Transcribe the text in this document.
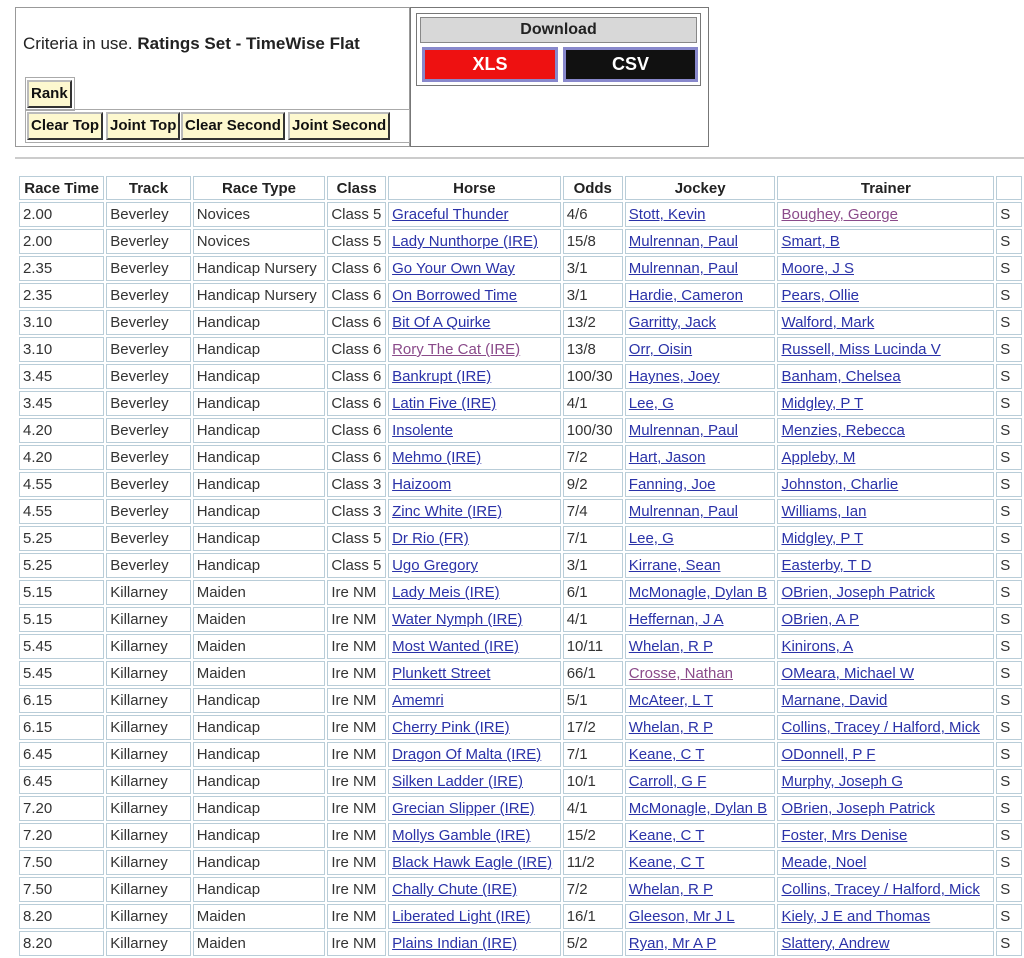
Criteria in use. Ratings Set - TimeWise Flat
Rank
Clear Top Joint Top Clear Second Joint Second
Download
XLS	CSV
Race Time	Track	Race Type	Class	Horse	Odds	Jockey	Trainer	
2.00	Beverley	Novices	Class 5	Graceful Thunder	4/6	Stott, Kevin	Boughey, George	S
2.00	Beverley	Novices	Class 5	Lady Nunthorpe (IRE)	15/8	Mulrennan, Paul	Smart, B	S
2.35	Beverley	Handicap Nursery	Class 6	Go Your Own Way	3/1	Mulrennan, Paul	Moore, J S	S
2.35	Beverley	Handicap Nursery	Class 6	On Borrowed Time	3/1	Hardie, Cameron	Pears, Ollie	S
3.10	Beverley	Handicap	Class 6	Bit Of A Quirke	13/2	Garritty, Jack	Walford, Mark	S
3.10	Beverley	Handicap	Class 6	Rory The Cat (IRE)	13/8	Orr, Oisin	Russell, Miss Lucinda V	S
3.45	Beverley	Handicap	Class 6	Bankrupt (IRE)	100/30	Haynes, Joey	Banham, Chelsea	S
3.45	Beverley	Handicap	Class 6	Latin Five (IRE)	4/1	Lee, G	Midgley, P T	S
4.20	Beverley	Handicap	Class 6	Insolente	100/30	Mulrennan, Paul	Menzies, Rebecca	S
4.20	Beverley	Handicap	Class 6	Mehmo (IRE)	7/2	Hart, Jason	Appleby, M	S
4.55	Beverley	Handicap	Class 3	Haizoom	9/2	Fanning, Joe	Johnston, Charlie	S
4.55	Beverley	Handicap	Class 3	Zinc White (IRE)	7/4	Mulrennan, Paul	Williams, Ian	S
5.25	Beverley	Handicap	Class 5	Dr Rio (FR)	7/1	Lee, G	Midgley, P T	S
5.25	Beverley	Handicap	Class 5	Ugo Gregory	3/1	Kirrane, Sean	Easterby, T D	S
5.15	Killarney	Maiden	Ire NM	Lady Meis (IRE)	6/1	McMonagle, Dylan B	OBrien, Joseph Patrick	S
5.15	Killarney	Maiden	Ire NM	Water Nymph (IRE)	4/1	Heffernan, J A	OBrien, A P	S
5.45	Killarney	Maiden	Ire NM	Most Wanted (IRE)	10/11	Whelan, R P	Kinirons, A	S
5.45	Killarney	Maiden	Ire NM	Plunkett Street	66/1	Crosse, Nathan	OMeara, Michael W	S
6.15	Killarney	Handicap	Ire NM	Amemri	5/1	McAteer, L T	Marnane, David	S
6.15	Killarney	Handicap	Ire NM	Cherry Pink (IRE)	17/2	Whelan, R P	Collins, Tracey / Halford, Mick	S
6.45	Killarney	Handicap	Ire NM	Dragon Of Malta (IRE)	7/1	Keane, C T	ODonnell, P F	S
6.45	Killarney	Handicap	Ire NM	Silken Ladder (IRE)	10/1	Carroll, G F	Murphy, Joseph G	S
7.20	Killarney	Handicap	Ire NM	Grecian Slipper (IRE)	4/1	McMonagle, Dylan B	OBrien, Joseph Patrick	S
7.20	Killarney	Handicap	Ire NM	Mollys Gamble (IRE)	15/2	Keane, C T	Foster, Mrs Denise	S
7.50	Killarney	Handicap	Ire NM	Black Hawk Eagle (IRE)	11/2	Keane, C T	Meade, Noel	S
7.50	Killarney	Handicap	Ire NM	Chally Chute (IRE)	7/2	Whelan, R P	Collins, Tracey / Halford, Mick	S
8.20	Killarney	Maiden	Ire NM	Liberated Light (IRE)	16/1	Gleeson, Mr J L	Kiely, J E and Thomas	S
8.20	Killarney	Maiden	Ire NM	Plains Indian (IRE)	5/2	Ryan, Mr A P	Slattery, Andrew	S
